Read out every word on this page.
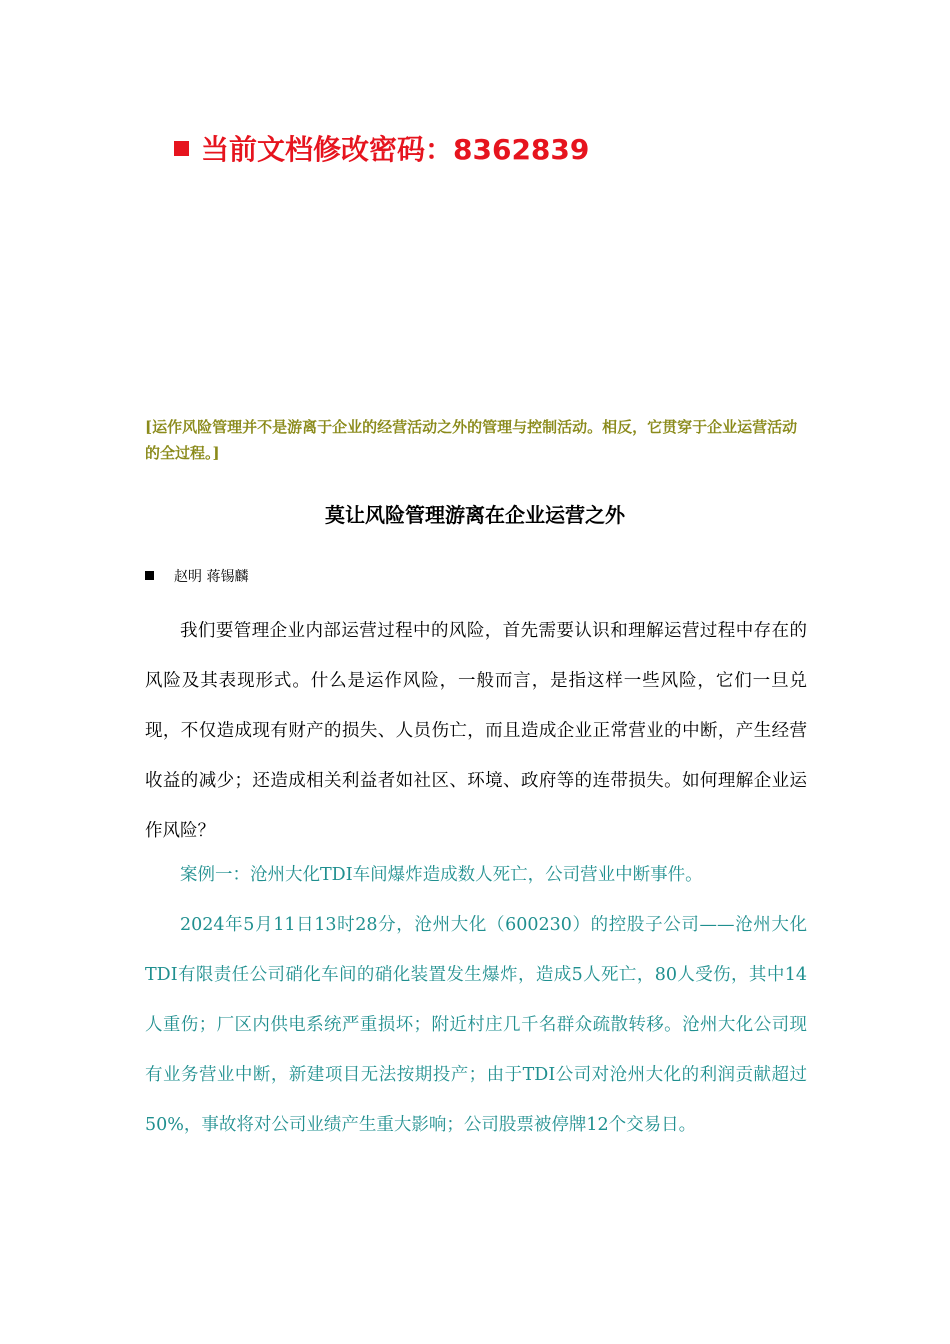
当前文档修改密码：8362839
[运作风险管理并不是游离于企业的经营活动之外的管理与控制活动。相反，它贯穿于企业运营活动的全过程。]
莫让风险管理游离在企业运营之外
赵明 蒋锡麟

我们要管理企业内部运营过程中的风险，首先需要认识和理解运营过程中存在的风险及其表现形式。什么是运作风险，一般而言，是指这样一些风险，它们一旦兑现，不仅造成现有财产的损失、人员伤亡，而且造成企业正常营业的中断，产生经营收益的减少；还造成相关利益者如社区、环境、政府等的连带损失。如何理解企业运作风险？

案例一：沧州大化TDI车间爆炸造成数人死亡，公司营业中断事件。

2024年5月11日13时28分，沧州大化（600230）的控股子公司——沧州大化TDI有限责任公司硝化车间的硝化装置发生爆炸，造成5人死亡，80人受伤，其中14人重伤；厂区内供电系统严重损坏；附近村庄几千名群众疏散转移。沧州大化公司现有业务营业中断，新建项目无法按期投产；由于TDI公司对沧州大化的利润贡献超过50%，事故将对公司业绩产生重大影响；公司股票被停牌12个交易日。
